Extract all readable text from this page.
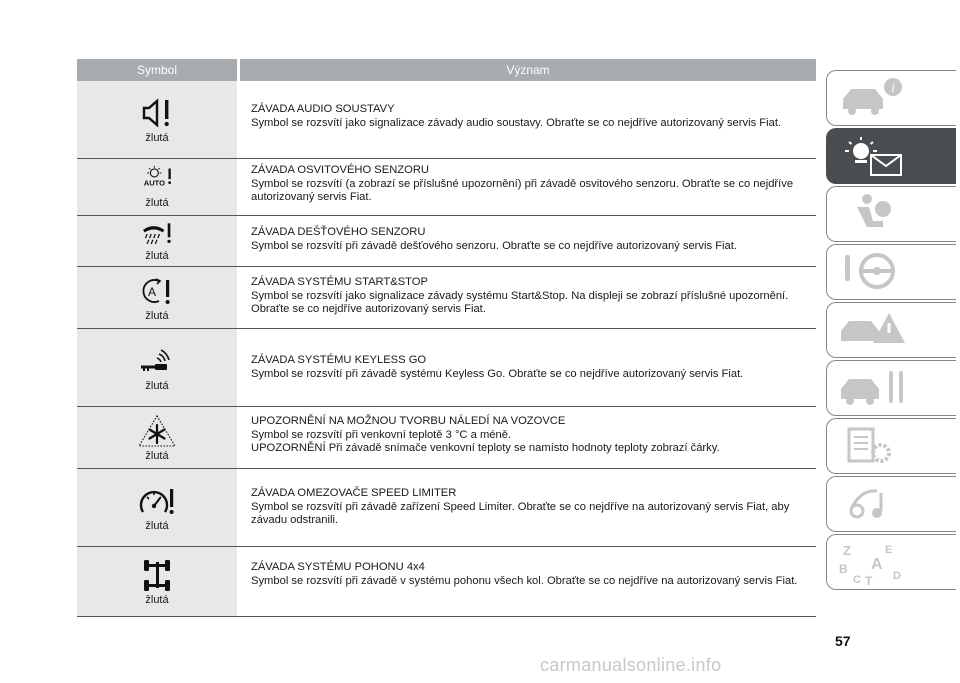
Symbol	Význam
žlutá
ZÁVADA AUDIO SOUSTAVY
Symbol se rozsvítí jako signalizace závady audio soustavy. Obraťte se co nejdříve autorizovaný servis Fiat.
AUTO
žlutá
ZÁVADA OSVITOVÉHO SENZORU
Symbol se rozsvítí (a zobrazí se příslušné upozornění) při závadě osvitového senzoru. Obraťte se co nejdříve autorizovaný servis Fiat.
žlutá
ZÁVADA DEŠŤOVÉHO SENZORU
Symbol se rozsvítí při závadě dešťového senzoru. Obraťte se co nejdříve autorizovaný servis Fiat.
A
žlutá
ZÁVADA SYSTÉMU START&STOP
Symbol se rozsvítí jako signalizace závady systému Start&Stop. Na displeji se zobrazí příslušné upozornění. Obraťte se co nejdříve autorizovaný servis Fiat.
žlutá
ZÁVADA SYSTÉMU KEYLESS GO
Symbol se rozsvítí při závadě systému Keyless Go. Obraťte se co nejdříve autorizovaný servis Fiat.
žlutá
UPOZORNĚNÍ NA MOŽNOU TVORBU NÁLEDÍ NA VOZOVCE
Symbol se rozsvítí při venkovní teplotě 3 °C a méně.
UPOZORNĚNÍ Při závadě snímače venkovní teploty se namísto hodnoty teploty zobrazí čárky.
žlutá
ZÁVADA OMEZOVAČE SPEED LIMITER
Symbol se rozsvítí při závadě zařízení Speed Limiter. Obraťte se co nejdříve na autorizovaný servis Fiat, aby závadu odstranili.
žlutá
ZÁVADA SYSTÉMU POHONU 4x4
Symbol se rozsvítí při závadě v systému pohonu všech kol. Obraťte se co nejdříve na autorizovaný servis Fiat.
i
Z	E
B A
C T D
57
carmanualsonline.info
